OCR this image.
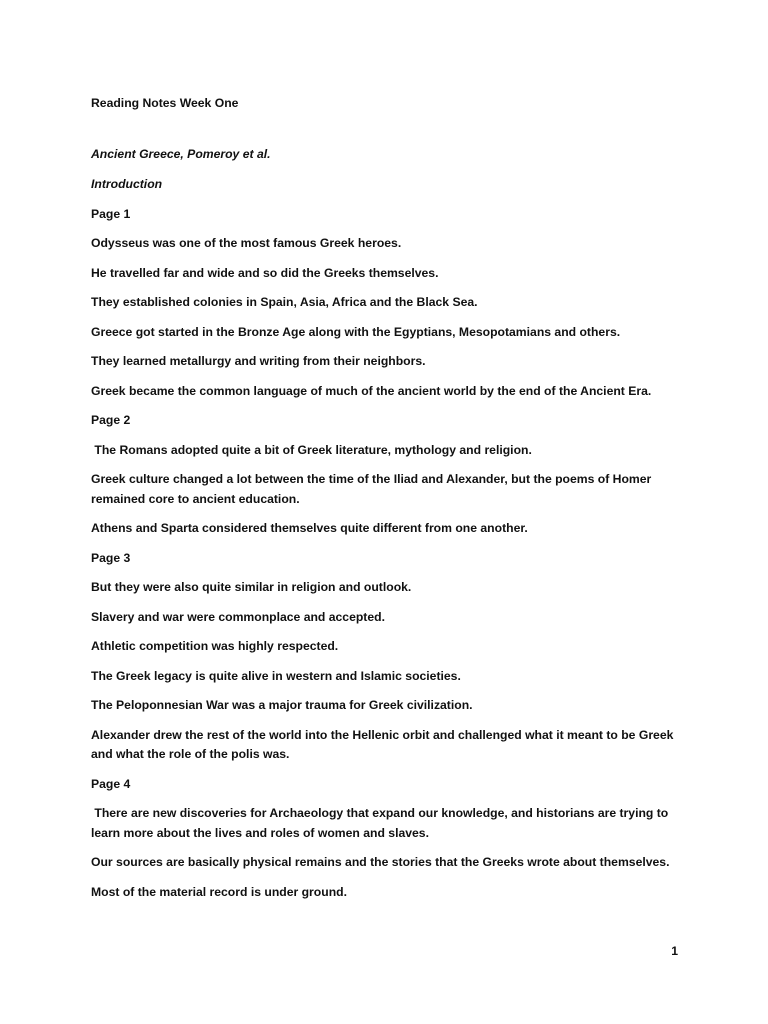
Reading Notes Week One
Ancient Greece, Pomeroy et al.
Introduction
Page 1
Odysseus was one of the most famous Greek heroes.
He travelled far and wide and so did the Greeks themselves.
They established colonies in Spain, Asia, Africa and the Black Sea.
Greece got started in the Bronze Age along with the Egyptians, Mesopotamians and others.
They learned metallurgy and writing from their neighbors.
Greek became the common language of much of the ancient world by the end of the Ancient Era.
Page 2
The Romans adopted quite a bit of Greek literature, mythology and religion.
Greek culture changed a lot between the time of the Iliad and Alexander, but the poems of Homer remained core to ancient education.
Athens and Sparta considered themselves quite different from one another.
Page 3
But they were also quite similar in religion and outlook.
Slavery and war were commonplace and accepted.
Athletic competition was highly respected.
The Greek legacy is quite alive in western and Islamic societies.
The Peloponnesian War was a major trauma for Greek civilization.
Alexander drew the rest of the world into the Hellenic orbit and challenged what it meant to be Greek and what the role of the polis was.
Page 4
There are new discoveries for Archaeology that expand our knowledge, and historians are trying to learn more about the lives and roles of women and slaves.
Our sources are basically physical remains and the stories that the Greeks wrote about themselves.
Most of the material record is under ground.
1
